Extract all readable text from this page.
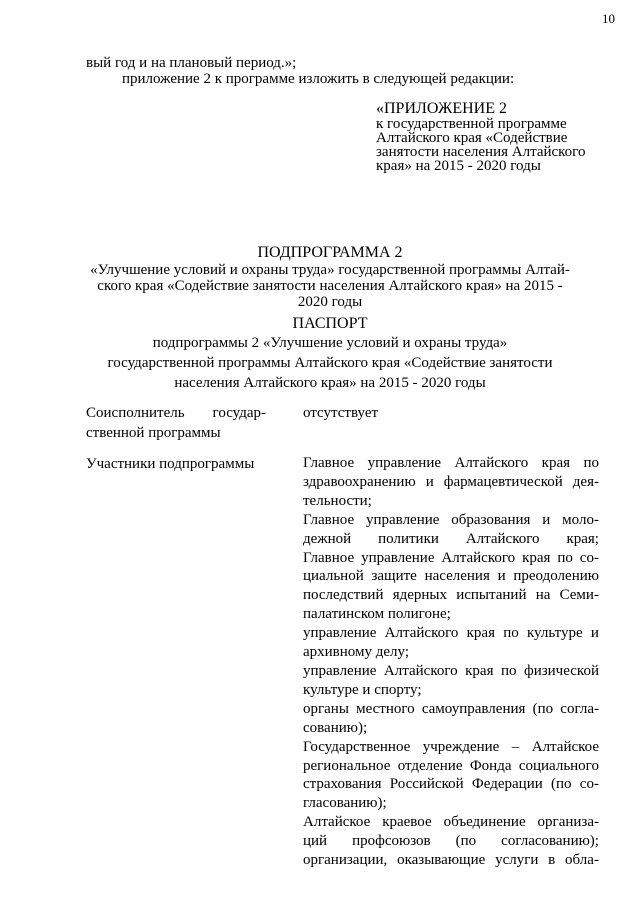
10
вый год и на плановый период.»;
приложение 2 к программе изложить в следующей редакции:
«ПРИЛОЖЕНИЕ 2
к государственной программе
Алтайского края «Содействие
занятости населения Алтайского
края» на 2015 - 2020 годы
ПОДПРОГРАММА 2
«Улучшение условий и охраны труда» государственной программы Алтай-
ского края «Содействие занятости населения Алтайского края» на 2015 -
2020 годы
ПАСПОРТ
подпрограммы 2 «Улучшение условий и охраны труда»
государственной программы Алтайского края «Содействие занятости
населения Алтайского края» на 2015 - 2020 годы
Соисполнитель государ-
ственной программы
отсутствует
Участники подпрограммы	Главное управление Алтайского края по
здравоохранению и фармацевтической дея-
тельности;
Главное управление образования и моло-
дежной политики Алтайского края;
Главное управление Алтайского края по со-
циальной защите населения и преодолению
последствий ядерных испытаний на Семи-
палатинском полигоне;
управление Алтайского края по культуре и
архивному делу;
управление Алтайского края по физической
культуре и спорту;
органы местного самоуправления (по согла-
сованию);
Государственное учреждение – Алтайское
региональное отделение Фонда социального
страхования Российской Федерации (по со-
гласованию);
Алтайское краевое объединение организа-
ций профсоюзов (по согласованию);
организации, оказывающие услуги в обла-
